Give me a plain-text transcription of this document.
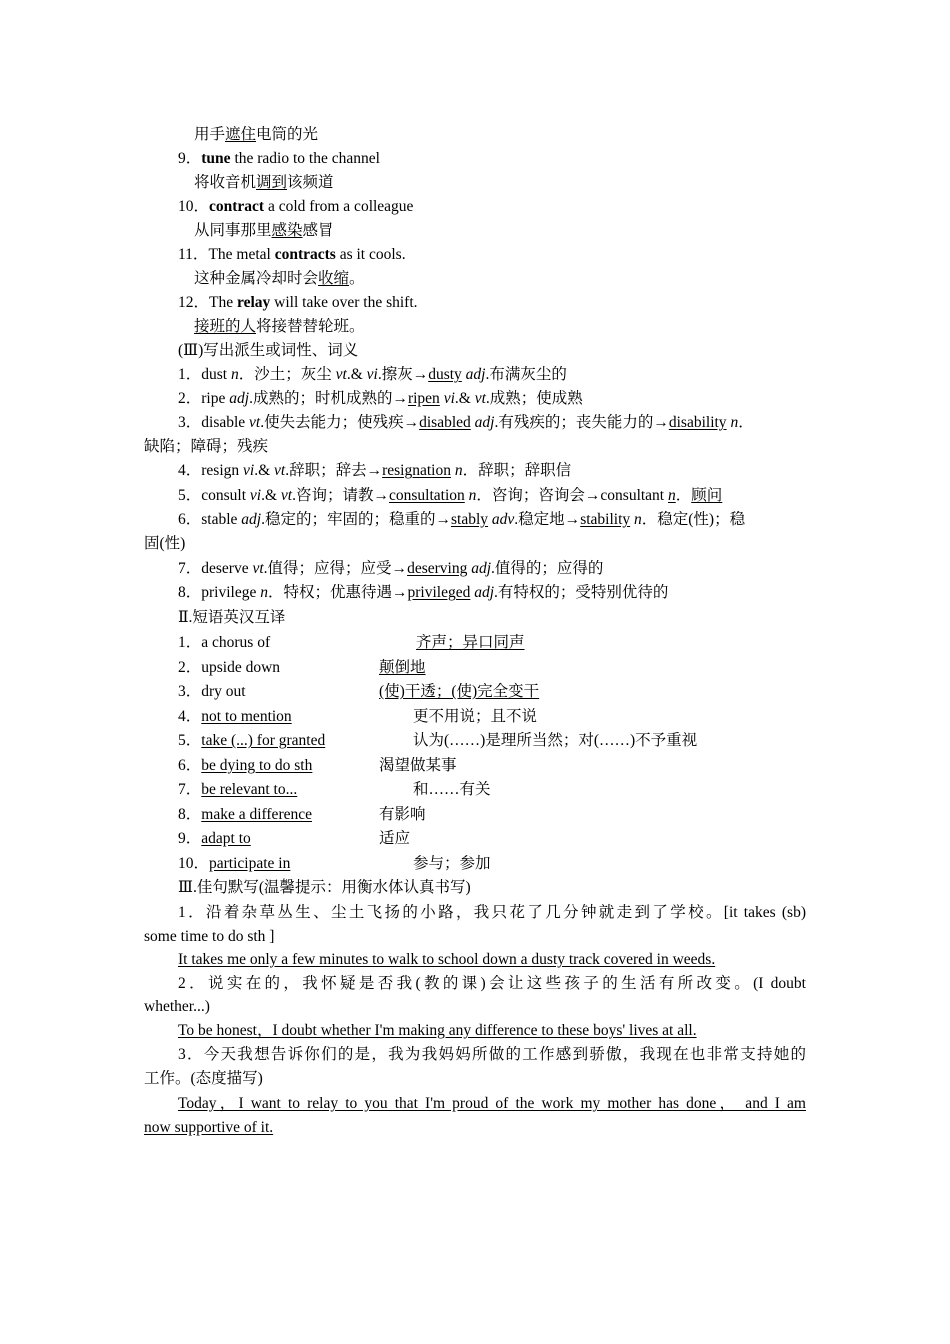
用手遮住电筒的光
9．tune the radio to the channel
将收音机调到该频道
10．contract a cold from a colleague
从同事那里感染感冒
11．The metal contracts as it cools.
这种金属冷却时会收缩。
12．The relay will take over the shift.
接班的人将接替替轮班。
(Ⅲ)写出派生或词性、词义
1．dust n．沙土；灰尘 vt.& vi.擦灰→dusty adj.布满灰尘的
2．ripe adj.成熟的；时机成熟的→ripen vi.& vt.成熟；使成熟
3．disable vt.使失去能力；使残疾→disabled adj.有残疾的；丧失能力的→disability n．
缺陷；障碍；残疾
4．resign vi.& vt.辞职；辞去→resignation n．辞职；辞职信
5．consult vi.& vt.咨询；请教→consultation n．咨询；咨询会→consultant n．顾问
6．stable adj.稳定的；牢固的；稳重的→stably adv.稳定地→stability n．稳定(性)；稳
固(性)
7．deserve vt.值得；应得；应受→deserving adj.值得的；应得的
8．privilege n．特权；优惠待遇→privileged adj.有特权的；受特别优待的
Ⅱ.短语英汉互译
1．a chorus of	齐声；异口同声
2．upside down	颠倒地
3．dry out	(使)干透；(使)完全变干
4．not to mention	更不用说；且不说
5．take (...) for granted	认为(……)是理所当然；对(……)不予重视
6．be dying to do sth	渴望做某事
7．be relevant to...	和……有关
8．make a difference	有影响
9．adapt to	适应
10．participate in	参与；参加
Ⅲ.佳句默写(温馨提示：用衡水体认真书写)
1．沿着杂草丛生、尘土飞扬的小路，我只花了几分钟就走到了学校。[it takes (sb)
some time to do sth ]
It takes me only a few minutes to walk to school down a dusty track covered in weeds.
2．说实在的，我怀疑是否我(教的课)会让这些孩子的生活有所改变。(I doubt
whether...)
To be honest，I doubt whether I'm making any difference to these boys' lives at all.
3．今天我想告诉你们的是，我为我妈妈所做的工作感到骄傲，我现在也非常支持她的
工作。(态度描写)
Today，I want to relay to you that I'm proud of the work my mother has done， and I am
now supportive of it.
